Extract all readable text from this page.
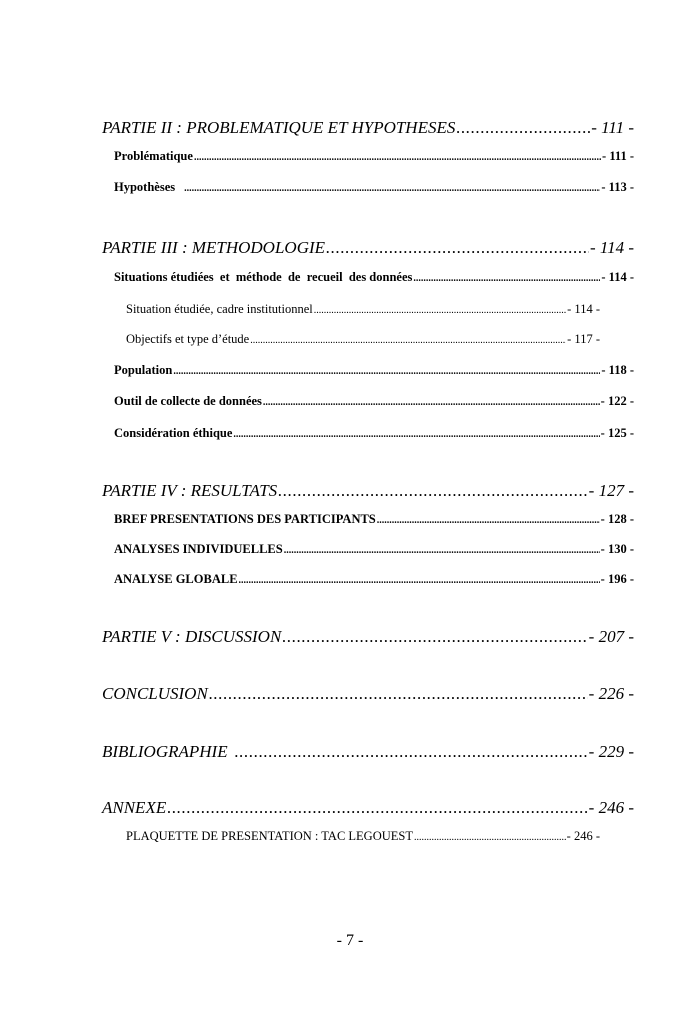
PARTIE II : PROBLEMATIQUE ET HYPOTHESES .....	- 111 -
Problématique .....	- 111 -
Hypothèses .....	- 113 -
PARTIE III : METHODOLOGIE .....	- 114 -
Situations étudiées  et  méthode  de  recueil  des données .....	- 114 -
Situation étudiée, cadre institutionnel .....	- 114 -
Objectifs et type d’étude .....	- 117 -
Population .....	- 118 -
Outil de collecte de données .....	- 122 -
Considération éthique .....	- 125 -
PARTIE IV : RESULTATS .....	- 127 -
BREF PRESENTATIONS DES PARTICIPANTS .....	- 128 -
ANALYSES INDIVIDUELLES .....	- 130 -
ANALYSE GLOBALE .....	- 196 -
PARTIE V : DISCUSSION .....	- 207 -
CONCLUSION .....	- 226 -
BIBLIOGRAPHIE .....	- 229 -
ANNEXE .....	- 246 -
PLAQUETTE DE PRESENTATION : TAC LEGOUEST .....	- 246 -
- 7 -
